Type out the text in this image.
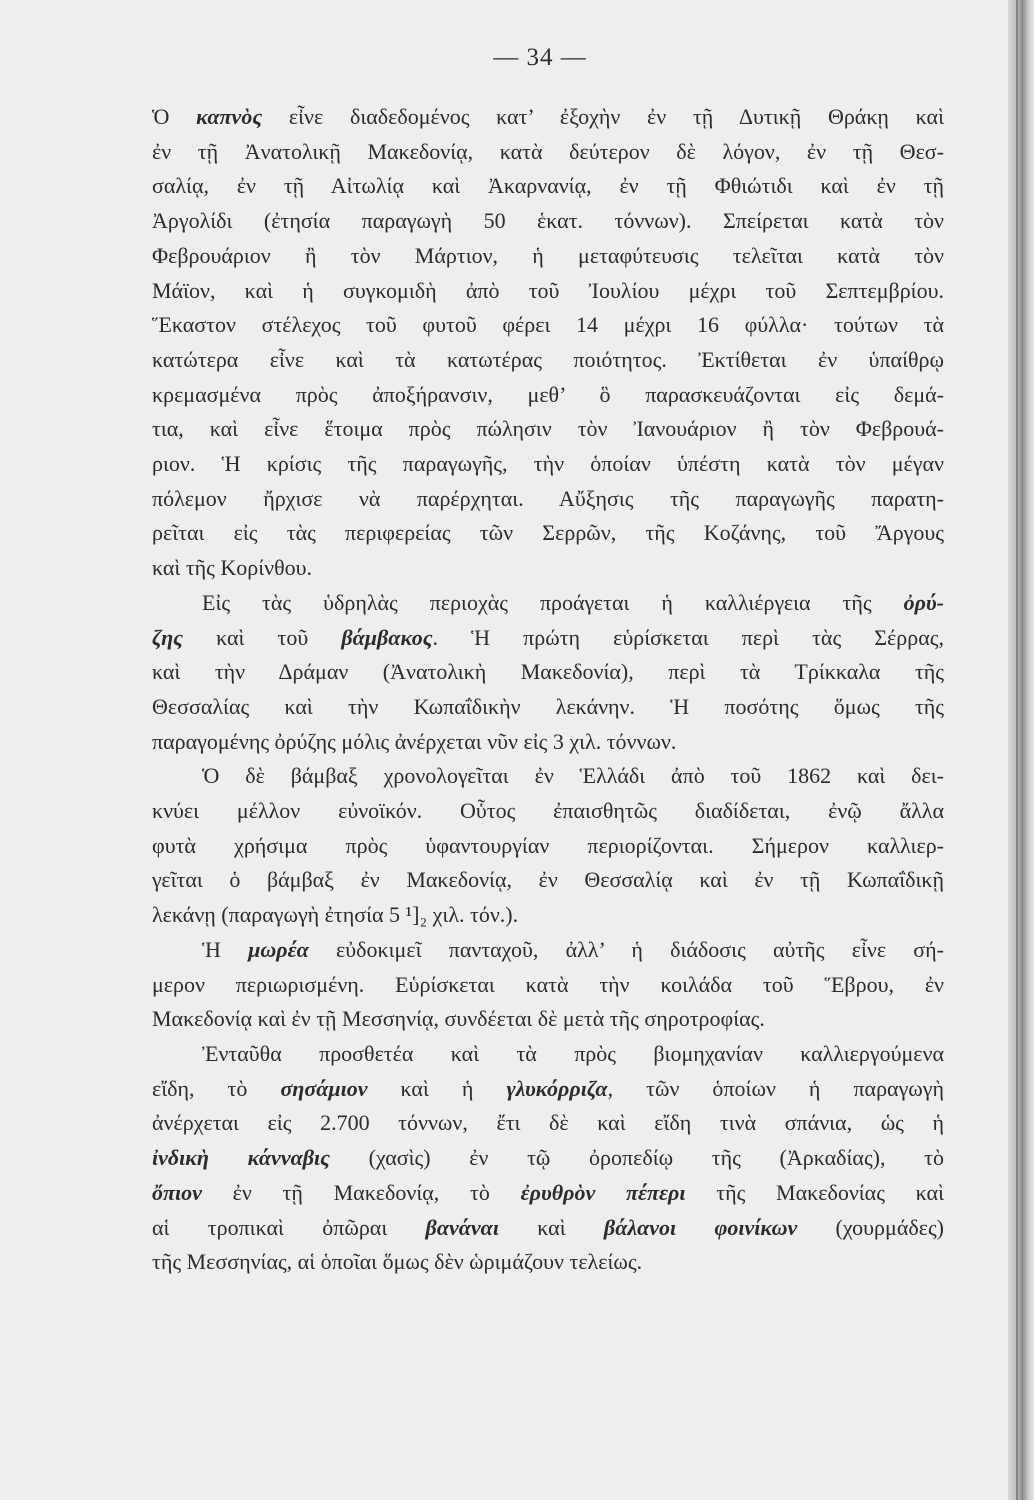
— 34 —
Ὁ καπνὸς εἶνε διαδεδομένος κατ’ ἐξοχὴν ἐν τῇ Δυτικῇ Θράκῃ καὶ
ἐν τῇ Ἀνατολικῇ Μακεδονίᾳ, κατὰ δεύτερον δὲ λόγον, ἐν τῇ Θεσ-
σαλίᾳ, ἐν τῇ Αἰτωλίᾳ καὶ Ἀκαρνανίᾳ, ἐν τῇ Φθιώτιδι καὶ ἐν τῇ
Ἀργολίδι (ἐτησία παραγωγὴ 50 ἑκατ. τόννων). Σπείρεται κατὰ τὸν
Φεβρουάριον ἢ τὸν Μάρτιον, ἡ μεταφύτευσις τελεῖται κατὰ τὸν
Μάϊον, καὶ ἡ συγκομιδὴ ἀπὸ τοῦ Ἰουλίου μέχρι τοῦ Σεπτεμβρίου.
Ἕκαστον στέλεχος τοῦ φυτοῦ φέρει 14 μέχρι 16 φύλλα· τούτων τὰ
κατώτερα εἶνε καὶ τὰ κατωτέρας ποιότητος. Ἐκτίθεται ἐν ὑπαίθρῳ
κρεμασμένα πρὸς ἀποξήρανσιν, μεθ’ ὃ παρασκευάζονται εἰς δεμά-
τια, καὶ εἶνε ἕτοιμα πρὸς πώλησιν τὸν Ἰανουάριον ἢ τὸν Φεβρουά-
ριον. Ἡ κρίσις τῆς παραγωγῆς, τὴν ὁποίαν ὑπέστη κατὰ τὸν μέγαν
πόλεμον ἤρχισε νὰ παρέρχηται. Αὔξησις τῆς παραγωγῆς παρατη-
ρεῖται εἰς τὰς περιφερείας τῶν Σερρῶν, τῆς Κοζάνης, τοῦ Ἄργους
καὶ τῆς Κορίνθου.
Εἰς τὰς ὑδρηλὰς περιοχὰς προάγεται ἡ καλλιέργεια τῆς ὀρύ-
ζης καὶ τοῦ βάμβακος. Ἡ πρώτη εὑρίσκεται περὶ τὰς Σέρρας,
καὶ τὴν Δράμαν (Ἀνατολικὴ Μακεδονία), περὶ τὰ Τρίκκαλα τῆς
Θεσσαλίας καὶ τὴν Κωπαΐδικὴν λεκάνην. Ἡ ποσότης ὅμως τῆς
παραγομένης ὀρύζης μόλις ἀνέρχεται νῦν εἰς 3 χιλ. τόννων.
Ὁ δὲ βάμβαξ χρονολογεῖται ἐν Ἑλλάδι ἀπὸ τοῦ 1862 καὶ δει-
κνύει μέλλον εὐνοϊκόν. Οὗτος ἐπαισθητῶς διαδίδεται, ἐνῷ ἄλλα
φυτὰ χρήσιμα πρὸς ὑφαντουργίαν περιορίζονται. Σήμερον καλλιερ-
γεῖται ὁ βάμβαξ ἐν Μακεδονίᾳ, ἐν Θεσσαλίᾳ καὶ ἐν τῇ Κωπαΐδικῇ
λεκάνῃ (παραγωγὴ ἐτησία 5 ¹]₂ χιλ. τόν.).
Ἡ μωρέα εὐδοκιμεῖ πανταχοῦ, ἀλλ’ ἡ διάδοσις αὐτῆς εἶνε σή-
μερον περιωρισμένη. Εὑρίσκεται κατὰ τὴν κοιλάδα τοῦ Ἕβρου, ἐν
Μακεδονίᾳ καὶ ἐν τῇ Μεσσηνίᾳ, συνδέεται δὲ μετὰ τῆς σηροτροφίας.
Ἐνταῦθα προσθετέα καὶ τὰ πρὸς βιομηχανίαν καλλιεργούμενα
εἴδη, τὸ σησάμιον καὶ ἡ γλυκόρριζα, τῶν ὁποίων ἡ παραγωγὴ
ἀνέρχεται εἰς 2.700 τόννων, ἔτι δὲ καὶ εἴδη τινὰ σπάνια, ὡς ἡ
ἰνδικὴ κάνναβις (χασὶς) ἐν τῷ ὀροπεδίῳ τῆς (Ἀρκαδίας), τὸ
ὄπιον ἐν τῇ Μακεδονίᾳ, τὸ ἐρυθρὸν πέπερι τῆς Μακεδονίας καὶ
αἱ τροπικαὶ ὀπῶραι βανάναι καὶ βάλανοι φοινίκων (χουρμάδες)
τῆς Μεσσηνίας, αἱ ὁποῖαι ὅμως δὲν ὡριμάζουν τελείως.
